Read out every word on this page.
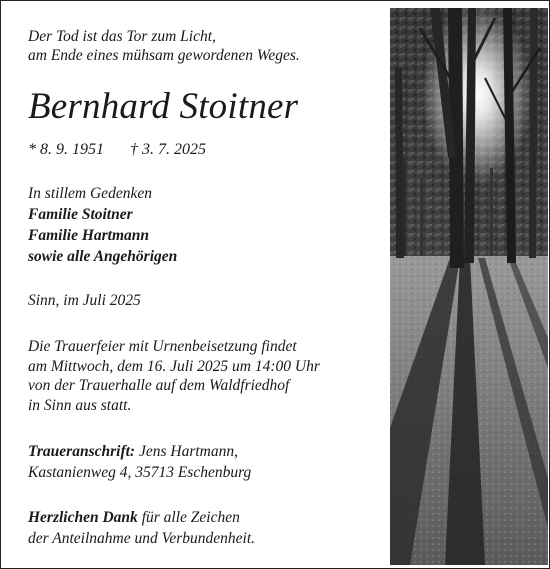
Der Tod ist das Tor zum Licht,
am Ende eines mühsam gewordenen Weges.
Bernhard Stoitner
* 8. 9. 1951 † 3. 7. 2025
In stillem Gedenken
Familie Stoitner
Familie Hartmann
sowie alle Angehörigen
Sinn, im Juli 2025
Die Trauerfeier mit Urnenbeisetzung findet
am Mittwoch, dem 16. Juli 2025 um 14:00 Uhr
von der Trauerhalle auf dem Waldfriedhof
in Sinn aus statt.
Traueranschrift: Jens Hartmann,
Kastanienweg 4, 35713 Eschenburg
Herzlichen Dank für alle Zeichen
der Anteilnahme und Verbundenheit.
